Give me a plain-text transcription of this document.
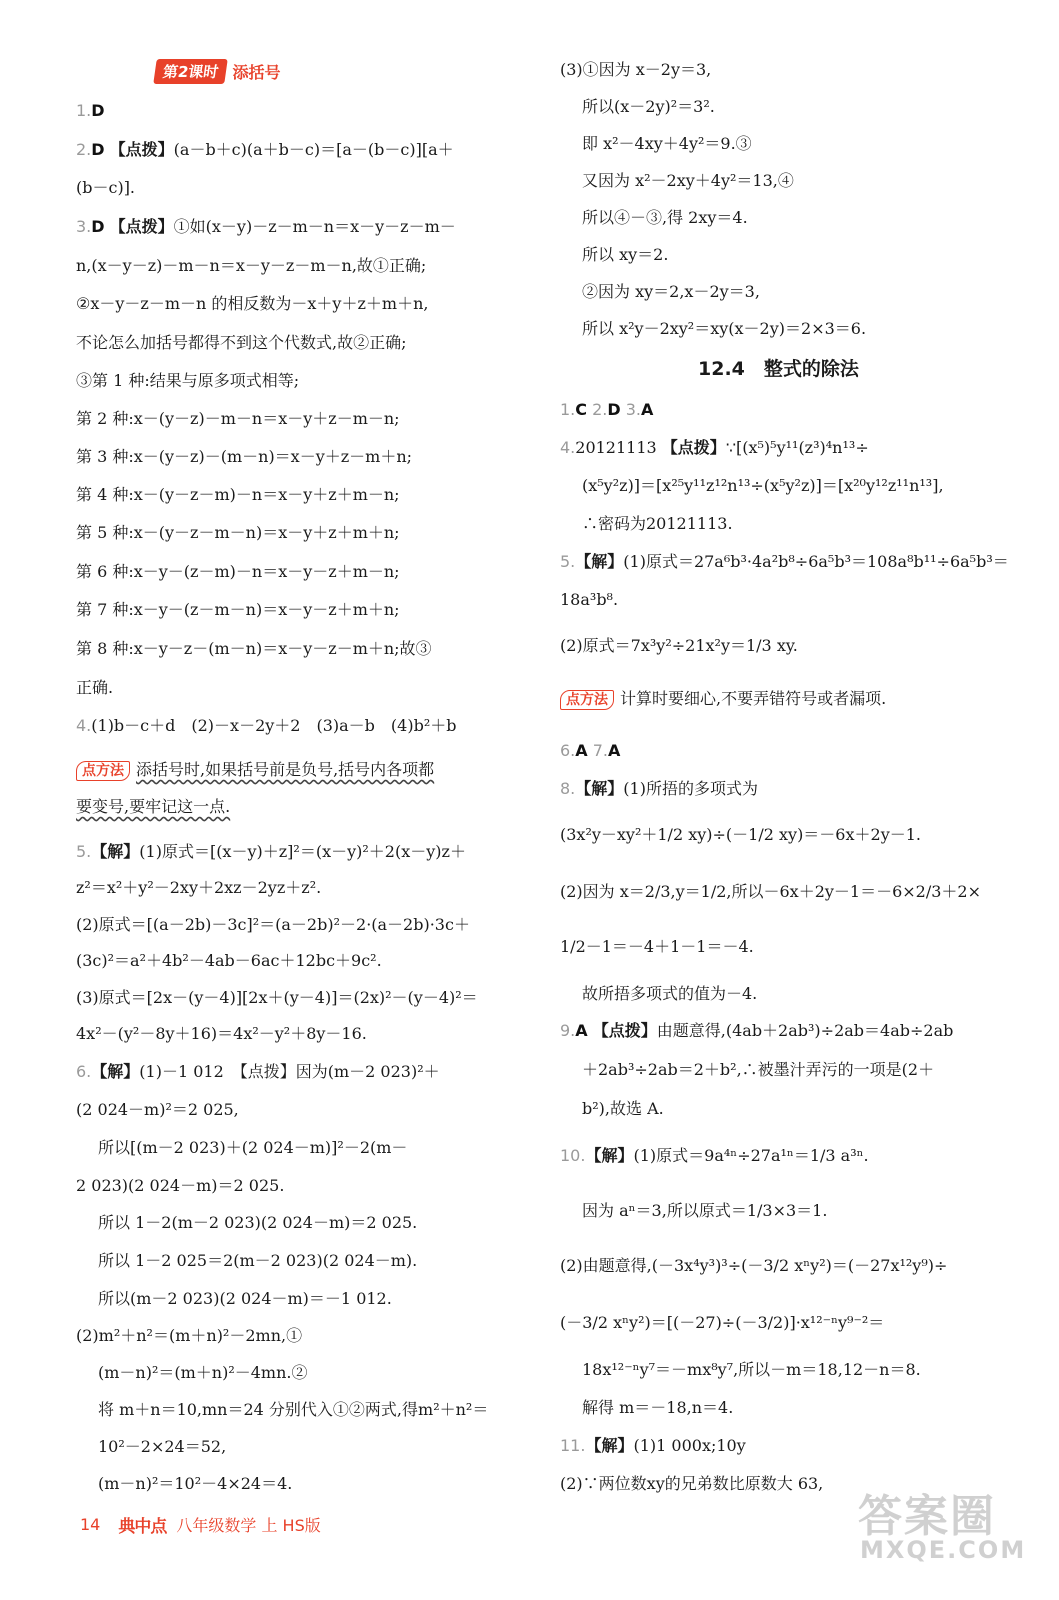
第2课时 添括号
1.D
2.D 【点拨】(a－b＋c)(a＋b－c)＝[a－(b－c)][a＋
(b－c)].
3.D 【点拨】①如(x－y)－z－m－n＝x－y－z－m－
n,(x－y－z)－m－n＝x－y－z－m－n,故①正确;
②x－y－z－m－n 的相反数为－x＋y＋z＋m＋n,
不论怎么加括号都得不到这个代数式,故②正确;
③第 1 种:结果与原多项式相等;
第 2 种:x－(y－z)－m－n＝x－y＋z－m－n;
第 3 种:x－(y－z)－(m－n)＝x－y＋z－m＋n;
第 4 种:x－(y－z－m)－n＝x－y＋z＋m－n;
第 5 种:x－(y－z－m－n)＝x－y＋z＋m＋n;
第 6 种:x－y－(z－m)－n＝x－y－z＋m－n;
第 7 种:x－y－(z－m－n)＝x－y－z＋m＋n;
第 8 种:x－y－z－(m－n)＝x－y－z－m＋n;故③
正确.
4.(1)b－c＋d　(2)－x－2y＋2　(3)a－b　(4)b²＋b
点方法 添括号时,如果括号前是负号,括号内各项都
要变号,要牢记这一点.
5.【解】(1)原式＝[(x－y)＋z]²＝(x－y)²＋2(x－y)z＋
z²＝x²＋y²－2xy＋2xz－2yz＋z².
(2)原式＝[(a－2b)－3c]²＝(a－2b)²－2·(a－2b)·3c＋
(3c)²＝a²＋4b²－4ab－6ac＋12bc＋9c².
(3)原式＝[2x－(y－4)][2x＋(y－4)]＝(2x)²－(y－4)²＝
4x²－(y²－8y＋16)＝4x²－y²＋8y－16.
6.【解】(1)－1 012　【点拨】因为(m－2 023)²＋
(2 024－m)²＝2 025,
所以[(m－2 023)＋(2 024－m)]²－2(m－
2 023)(2 024－m)＝2 025.
所以 1－2(m－2 023)(2 024－m)＝2 025.
所以 1－2 025＝2(m－2 023)(2 024－m).
所以(m－2 023)(2 024－m)＝－1 012.
(2)m²＋n²＝(m＋n)²－2mn,①
(m－n)²＝(m＋n)²－4mn.②
将 m＋n＝10,mn＝24 分别代入①②两式,得m²＋n²＝
10²－2×24＝52,
(m－n)²＝10²－4×24＝4.
12.4　整式的除法
(3)①因为 x－2y＝3,
所以(x－2y)²＝3².
即 x²－4xy＋4y²＝9.③
又因为 x²－2xy＋4y²＝13,④
所以④－③,得 2xy＝4.
所以 xy＝2.
②因为 xy＝2,x－2y＝3,
所以 x²y－2xy²＝xy(x－2y)＝2×3＝6.
1.C 2.D 3.A
4.20121113 【点拨】∵[(x⁵)⁵y¹¹(z³)⁴n¹³÷
(x⁵y²z)]＝[x²⁵y¹¹z¹²n¹³÷(x⁵y²z)]＝[x²⁰y¹²z¹¹n¹³],
∴密码为20121113.
5.【解】(1)原式＝27a⁶b³·4a²b⁸÷6a⁵b³＝108a⁸b¹¹÷6a⁵b³＝
18a³b⁸.
(2)原式＝7x³y²÷21x²y＝1/3 xy.
点方法 计算时要细心,不要弄错符号或者漏项.
6.A 7.A
8.【解】(1)所捂的多项式为
(3x²y－xy²＋1/2 xy)÷(－1/2 xy)＝－6x＋2y－1.
(2)因为 x＝2/3,y＝1/2,所以－6x＋2y－1＝－6×2/3＋2×
1/2－1＝－4＋1－1＝－4.
故所捂多项式的值为－4.
9.A 【点拨】由题意得,(4ab＋2ab³)÷2ab＝4ab÷2ab
＋2ab³÷2ab＝2＋b²,∴被墨汁弄污的一项是(2＋
b²),故选 A.
10.【解】(1)原式＝9a⁴ⁿ÷27a¹ⁿ＝1/3 a³ⁿ.
因为 aⁿ＝3,所以原式＝1/3×3＝1.
(2)由题意得,(－3x⁴y³)³÷(－3/2 xⁿy²)＝(－27x¹²y⁹)÷
(－3/2 xⁿy²)＝[(－27)÷(－3/2)]·x¹²⁻ⁿy⁹⁻²＝
18x¹²⁻ⁿy⁷＝－mx⁸y⁷,所以－m＝18,12－n＝8.
解得 m＝－18,n＝4.
11.【解】(1)1 000x;10y
(2)∵两位数xy的兄弟数比原数大 63,
14 典中点 八年级数学 上 HS版	答案圈
MXQE.COM
